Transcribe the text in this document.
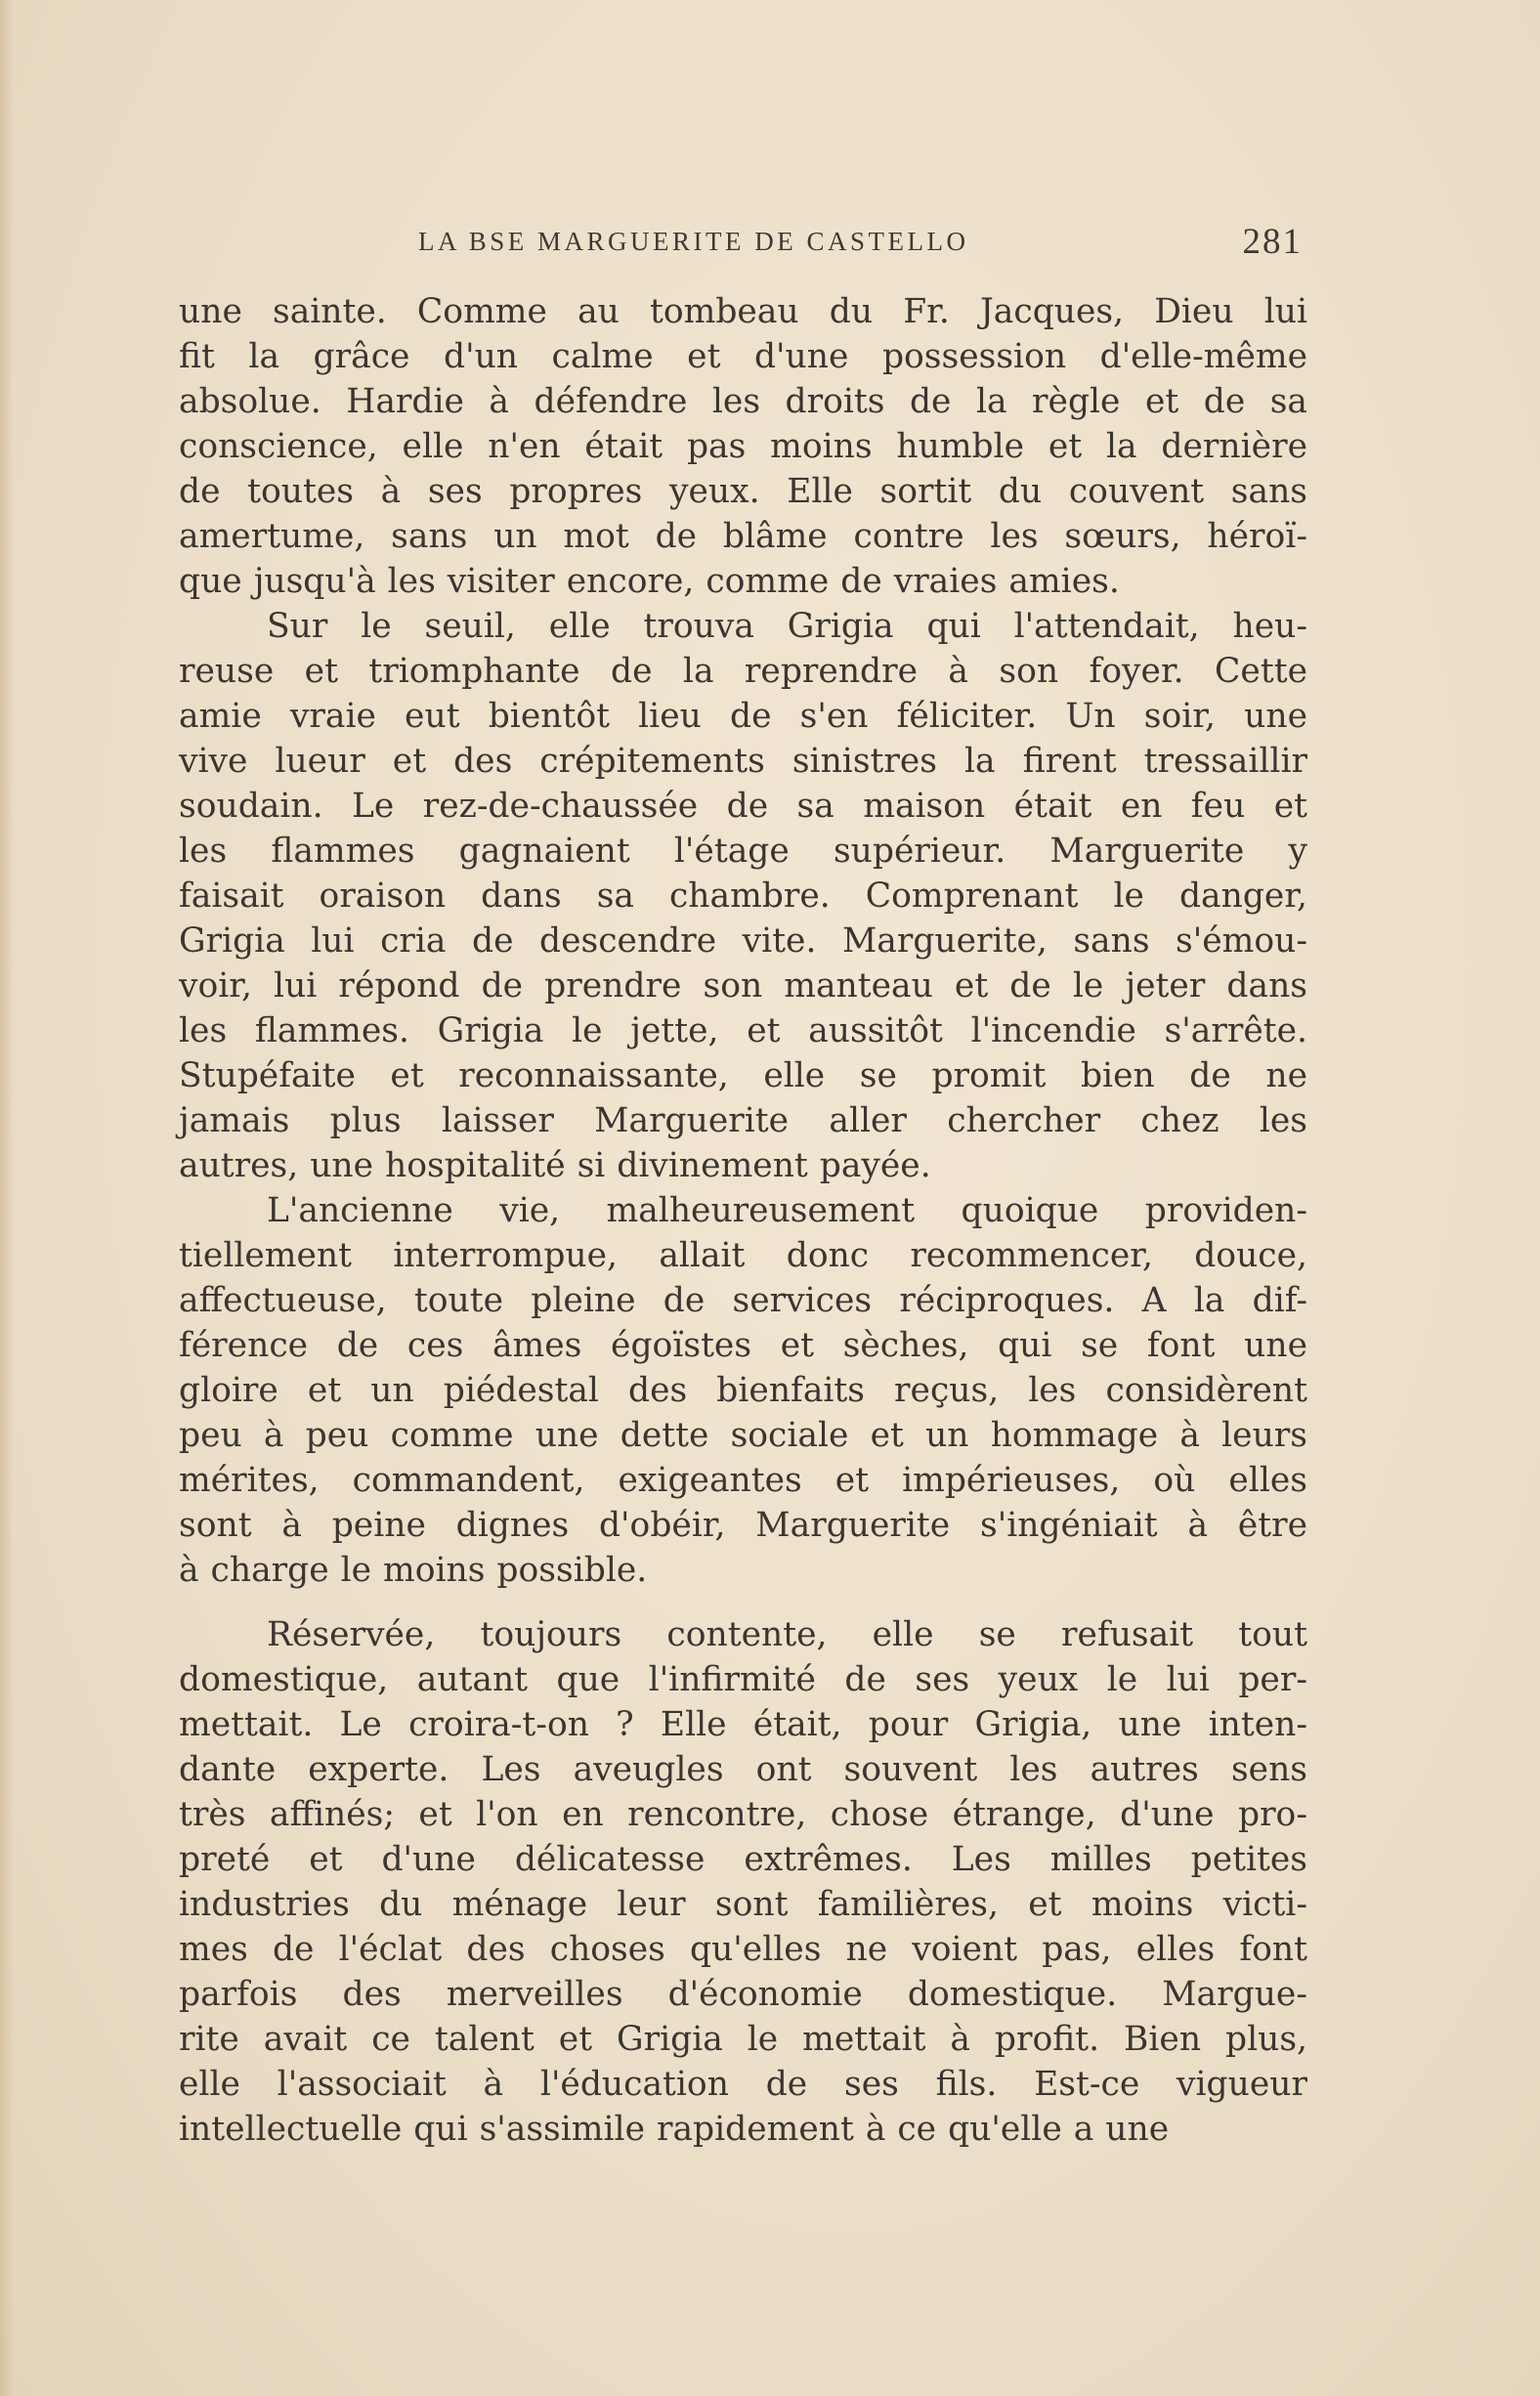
LA BSE MARGUERITE DE CASTELLO	281
une sainte. Comme au tombeau du Fr. Jacques, Dieu lui
fit la grâce d'un calme et d'une possession d'elle-même
absolue. Hardie à défendre les droits de la règle et de sa
conscience, elle n'en était pas moins humble et la dernière
de toutes à ses propres yeux. Elle sortit du couvent sans
amertume, sans un mot de blâme contre les sœurs, héroï-
que jusqu'à les visiter encore, comme de vraies amies.
Sur le seuil, elle trouva Grigia qui l'attendait, heu-
reuse et triomphante de la reprendre à son foyer. Cette
amie vraie eut bientôt lieu de s'en féliciter. Un soir, une
vive lueur et des crépitements sinistres la firent tressaillir
soudain. Le rez-de-chaussée de sa maison était en feu et
les flammes gagnaient l'étage supérieur. Marguerite y
faisait oraison dans sa chambre. Comprenant le danger,
Grigia lui cria de descendre vite. Marguerite, sans s'émou-
voir, lui répond de prendre son manteau et de le jeter dans
les flammes. Grigia le jette, et aussitôt l'incendie s'arrête.
Stupéfaite et reconnaissante, elle se promit bien de ne
jamais plus laisser Marguerite aller chercher chez les
autres, une hospitalité si divinement payée.
L'ancienne vie, malheureusement quoique providen-
tiellement interrompue, allait donc recommencer, douce,
affectueuse, toute pleine de services réciproques. A la dif-
férence de ces âmes égoïstes et sèches, qui se font une
gloire et un piédestal des bienfaits reçus, les considèrent
peu à peu comme une dette sociale et un hommage à leurs
mérites, commandent, exigeantes et impérieuses, où elles
sont à peine dignes d'obéir, Marguerite s'ingéniait à être
à charge le moins possible.
Réservée, toujours contente, elle se refusait tout
domestique, autant que l'infirmité de ses yeux le lui per-
mettait. Le croira-t-on ? Elle était, pour Grigia, une inten-
dante experte. Les aveugles ont souvent les autres sens
très affinés; et l'on en rencontre, chose étrange, d'une pro-
preté et d'une délicatesse extrêmes. Les milles petites
industries du ménage leur sont familières, et moins victi-
mes de l'éclat des choses qu'elles ne voient pas, elles font
parfois des merveilles d'économie domestique. Margue-
rite avait ce talent et Grigia le mettait à profit. Bien plus,
elle l'associait à l'éducation de ses fils. Est-ce vigueur
intellectuelle qui s'assimile rapidement à ce qu'elle a une
